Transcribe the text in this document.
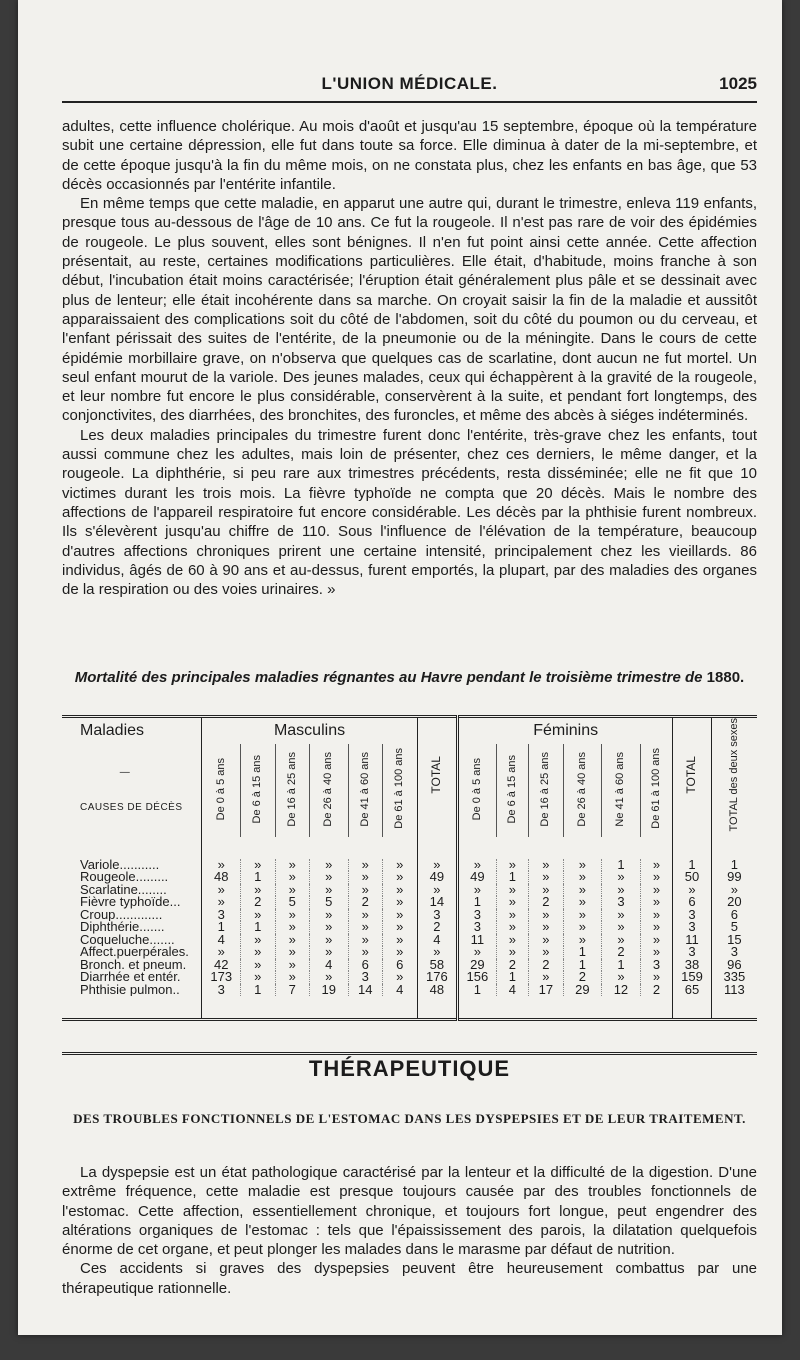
L'UNION MÉDICALE.	1025

adultes, cette influence cholérique. Au mois d'août et jusqu'au 15 septembre, époque où la température subit une certaine dépression, elle fut dans toute sa force. Elle diminua à dater de la mi-septembre, et de cette époque jusqu'à la fin du même mois, on ne constata plus, chez les enfants en bas âge, que 53 décès occasionnés par l'entérite infantile.

En même temps que cette maladie, en apparut une autre qui, durant le trimestre, enleva 119 enfants, presque tous au-dessous de l'âge de 10 ans. Ce fut la rougeole. Il n'est pas rare de voir des épidémies de rougeole. Le plus souvent, elles sont bénignes. Il n'en fut point ainsi cette année. Cette affection présentait, au reste, certaines modifications particulières. Elle était, d'habitude, moins franche à son début, l'incubation était moins caractérisée; l'éruption était généralement plus pâle et se dessinait avec plus de lenteur; elle était incohérente dans sa marche. On croyait saisir la fin de la maladie et aussitôt apparaissaient des complications soit du côté de l'abdomen, soit du côté du poumon ou du cerveau, et l'enfant périssait des suites de l'entérite, de la pneumonie ou de la méningite. Dans le cours de cette épidémie morbillaire grave, on n'observa que quelques cas de scarlatine, dont aucun ne fut mortel. Un seul enfant mourut de la variole. Des jeunes malades, ceux qui échappèrent à la gravité de la rougeole, et leur nombre fut encore le plus considérable, conservèrent à la suite, et pendant fort longtemps, des conjonctivites, des diarrhées, des bronchites, des furoncles, et même des abcès à siéges indéterminés.

Les deux maladies principales du trimestre furent donc l'entérite, très-grave chez les enfants, tout aussi commune chez les adultes, mais loin de présenter, chez ces derniers, le même danger, et la rougeole. La diphthérie, si peu rare aux trimestres précédents, resta disséminée; elle ne fit que 10 victimes durant les trois mois. La fièvre typhoïde ne compta que 20 décès. Mais le nombre des affections de l'appareil respiratoire fut encore considérable. Les décès par la phthisie furent nombreux. Ils s'élevèrent jusqu'au chiffre de 110. Sous l'influence de l'élévation de la température, beaucoup d'autres affections chroniques prirent une certaine intensité, principalement chez les vieillards. 86 individus, âgés de 60 à 90 ans et au-dessus, furent emportés, la plupart, par des maladies des organes de la respiration ou des voies urinaires. »

Mortalité des principales maladies régnantes au Havre pendant le troisième trimestre de 1880.
Maladies	Masculins						TOTAL	Féminins						TOTAL	TOTAL des deux sexes

—
CAUSES DE DÉCÈS	De 0 à 5 ans	De 6 à 15 ans	De 16 à 25 ans	De 26 à 40 ans	De 41 à 60 ans	De 61 à 100 ans		De 0 à 5 ans	De 6 à 15 ans	De 16 à 25 ans	De 26 à 40 ans	Ne 41 à 60 ans	De 61 à 100 ans		

Variole...........	»	»	»	»	»	»	»	»	»	»	»	1	»	1	1
Rougeole.........	48	1	»	»	»	»	49	49	1	»	»	»	»	50	99
Scarlatine........	»	»	»	»	»	»	»	»	»	»	»	»	»	»	»
Fièvre typhoïde...	»	2	5	5	2	»	14	1	»	2	»	3	»	6	20
Croup.............	3	»	»	»	»	»	3	3	»	»	»	»	»	3	6
Diphthérie.......	1	1	»	»	»	»	2	3	»	»	»	»	»	3	5
Coqueluche.......	4	»	»	»	»	»	4	11	»	»	»	»	»	11	15
Affect.puerpérales.	»	»	»	»	»	»	»	»	»	»	1	2	»	3	3
Bronch. et pneum.	42	»	»	4	6	6	58	29	2	2	1	1	3	38	96
Diarrhée et entér.	173	»	»	»	3	»	176	156	1	»	2	»	»	159	335
Phthisie pulmon..	3	1	7	19	14	4	48	1	4	17	29	12	2	65	113

THÉRAPEUTIQUE
DES TROUBLES FONCTIONNELS DE L'ESTOMAC DANS LES DYSPEPSIES ET DE LEUR TRAITEMENT.

La dyspepsie est un état pathologique caractérisé par la lenteur et la difficulté de la digestion. D'une extrême fréquence, cette maladie est presque toujours causée par des troubles fonctionnels de l'estomac. Cette affection, essentiellement chronique, et toujours fort longue, peut engendrer des altérations organiques de l'estomac : tels que l'épaississement des parois, la dilatation quelquefois énorme de cet organe, et peut plonger les malades dans le marasme par défaut de nutrition.

Ces accidents si graves des dyspepsies peuvent être heureusement combattus par une thérapeutique rationnelle.
